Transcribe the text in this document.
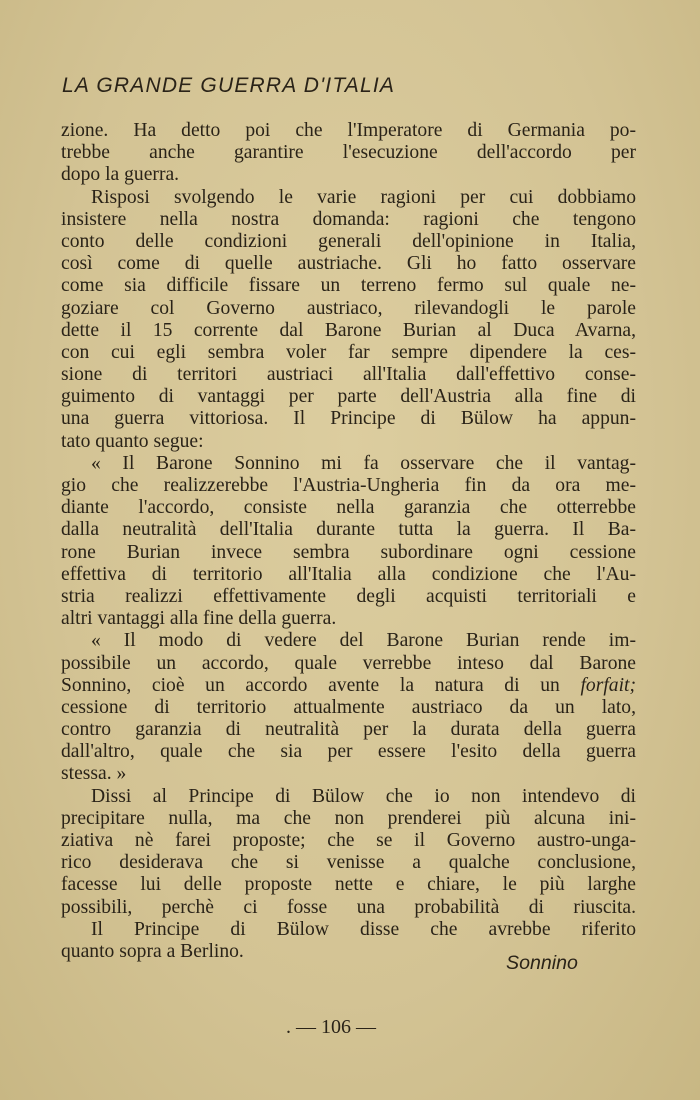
LA GRANDE GUERRA D'ITALIA
zione. Ha detto poi che l'Imperatore di Germania po-
trebbe anche garantire l'esecuzione dell'accordo per
dopo la guerra.
Risposi svolgendo le varie ragioni per cui dobbiamo
insistere nella nostra domanda: ragioni che tengono
conto delle condizioni generali dell'opinione in Italia,
così come di quelle austriache. Gli ho fatto osservare
come sia difficile fissare un terreno fermo sul quale ne-
goziare col Governo austriaco, rilevandogli le parole
dette il 15 corrente dal Barone Burian al Duca Avarna,
con cui egli sembra voler far sempre dipendere la ces-
sione di territori austriaci all'Italia dall'effettivo conse-
guimento di vantaggi per parte dell'Austria alla fine di
una guerra vittoriosa. Il Principe di Bülow ha appun-
tato quanto segue:
« Il Barone Sonnino mi fa osservare che il vantag-
gio che realizzerebbe l'Austria-Ungheria fin da ora me-
diante l'accordo, consiste nella garanzia che otterrebbe
dalla neutralità dell'Italia durante tutta la guerra. Il Ba-
rone Burian invece sembra subordinare ogni cessione
effettiva di territorio all'Italia alla condizione che l'Au-
stria realizzi effettivamente degli acquisti territoriali e
altri vantaggi alla fine della guerra.
« Il modo di vedere del Barone Burian rende im-
possibile un accordo, quale verrebbe inteso dal Barone
Sonnino, cioè un accordo avente la natura di un forfait;
cessione di territorio attualmente austriaco da un lato,
contro garanzia di neutralità per la durata della guerra
dall'altro, quale che sia per essere l'esito della guerra
stessa. »
Dissi al Principe di Bülow che io non intendevo di
precipitare nulla, ma che non prenderei più alcuna ini-
ziativa nè farei proposte; che se il Governo austro-unga-
rico desiderava che si venisse a qualche conclusione,
facesse lui delle proposte nette e chiare, le più larghe
possibili, perchè ci fosse una probabilità di riuscita.
Il Principe di Bülow disse che avrebbe riferito
quanto sopra a Berlino.
Sonnino
. — 106 —
